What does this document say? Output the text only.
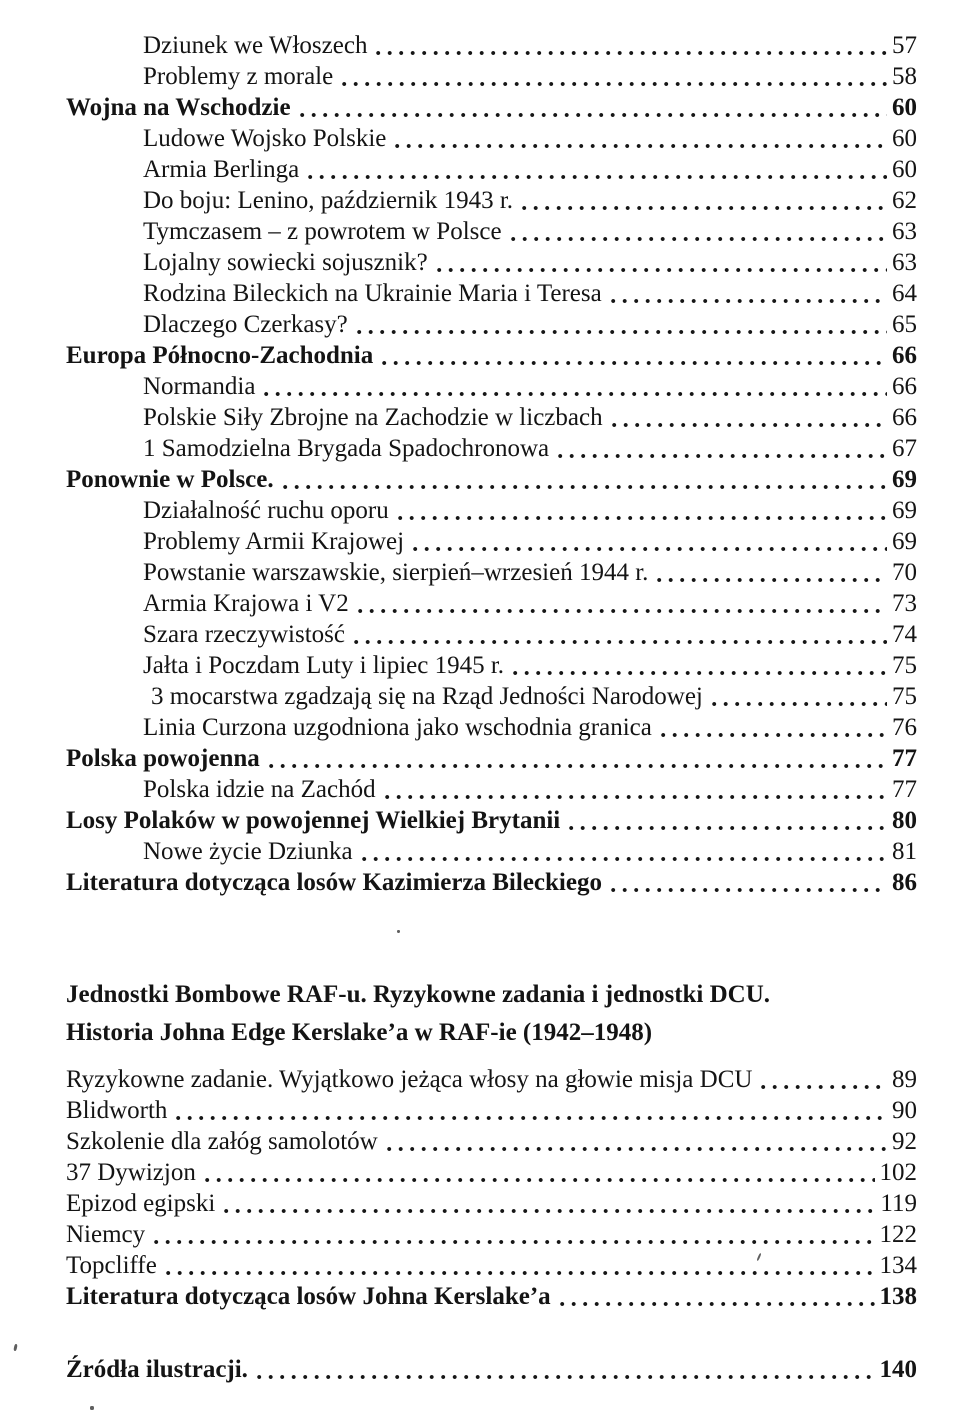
Dziunek we Włoszech	57
Problemy z morale	58
Wojna na Wschodzie	60
Ludowe Wojsko Polskie	60
Armia Berlinga	60
Do boju: Lenino, październik 1943 r.	62
Tymczasem – z powrotem w Polsce	63
Lojalny sowiecki sojusznik?	63
Rodzina Bileckich na Ukrainie Maria i Teresa	64
Dlaczego Czerkasy?	65
Europa Północno-Zachodnia	66
Normandia	66
Polskie Siły Zbrojne na Zachodzie w liczbach	66
1 Samodzielna Brygada Spadochronowa	67
Ponownie w Polsce.	69
Działalność ruchu oporu	69
Problemy Armii Krajowej	69
Powstanie warszawskie, sierpień–wrzesień 1944 r.	70
Armia Krajowa i V2	73
Szara rzeczywistość	74
Jałta i Poczdam Luty i lipiec 1945 r.	75
3 mocarstwa zgadzają się na Rząd Jedności Narodowej	75
Linia Curzona uzgodniona jako wschodnia granica	76
Polska powojenna	77
Polska idzie na Zachód	77
Losy Polaków w powojennej Wielkiej Brytanii	80
Nowe życie Dziunka	81
Literatura dotycząca losów Kazimierza Bileckiego	86
Jednostki Bombowe RAF-u. Ryzykowne zadania i jednostki DCU.
Historia Johna Edge Kerslake’a w RAF-ie (1942–1948)
Ryzykowne zadanie. Wyjątkowo jeżąca włosy na głowie misja DCU	89
Blidworth	90
Szkolenie dla załóg samolotów	92
37 Dywizjon	102
Epizod egipski	119
Niemcy	122
Topcliffe	134
Literatura dotycząca losów Johna Kerslake’a	138
Źródła ilustracji.	140
